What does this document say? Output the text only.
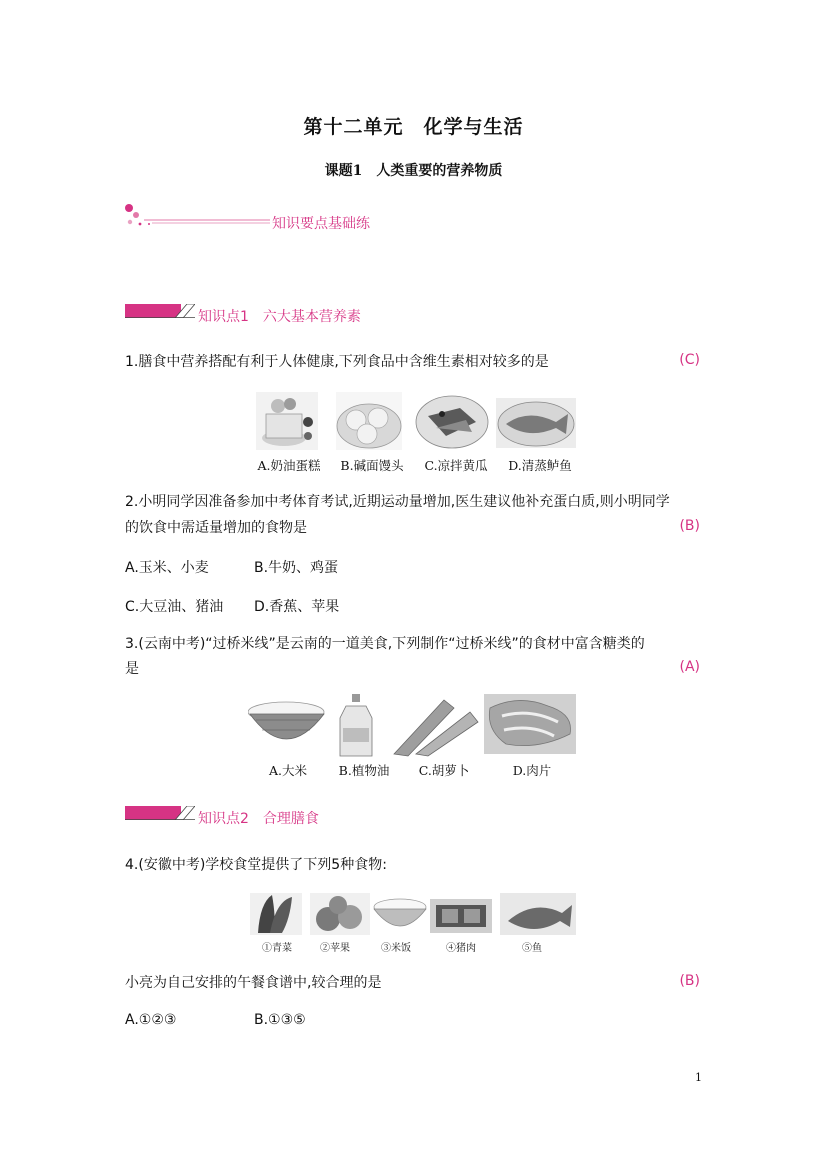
第十二单元　化学与生活
课题1　人类重要的营养物质
知识要点基础练
知识点1　六大基本营养素
1.膳食中营养搭配有利于人体健康,下列食品中含维生素相对较多的是	(C)
A.奶油蛋糕	B.碱面馒头	C.凉拌黄瓜	D.清蒸鲈鱼
2.小明同学因准备参加中考体育考试,近期运动量增加,医生建议他补充蛋白质,则小明同学
的饮食中需适量增加的食物是	(B)
A.玉米、小麦	B.牛奶、鸡蛋
C.大豆油、猪油 D.香蕉、苹果
3.(云南中考)“过桥米线”是云南的一道美食,下列制作“过桥米线”的食材中富含糖类的
是	(A)
A.大米	B.植物油	C.胡萝卜	D.肉片
知识点2　合理膳食
4.(安徽中考)学校食堂提供了下列5种食物:
①青菜	②苹果	③米饭	④猪肉	⑤鱼
小亮为自己安排的午餐食谱中,较合理的是	(B)
A.①②③	B.①③⑤
1
